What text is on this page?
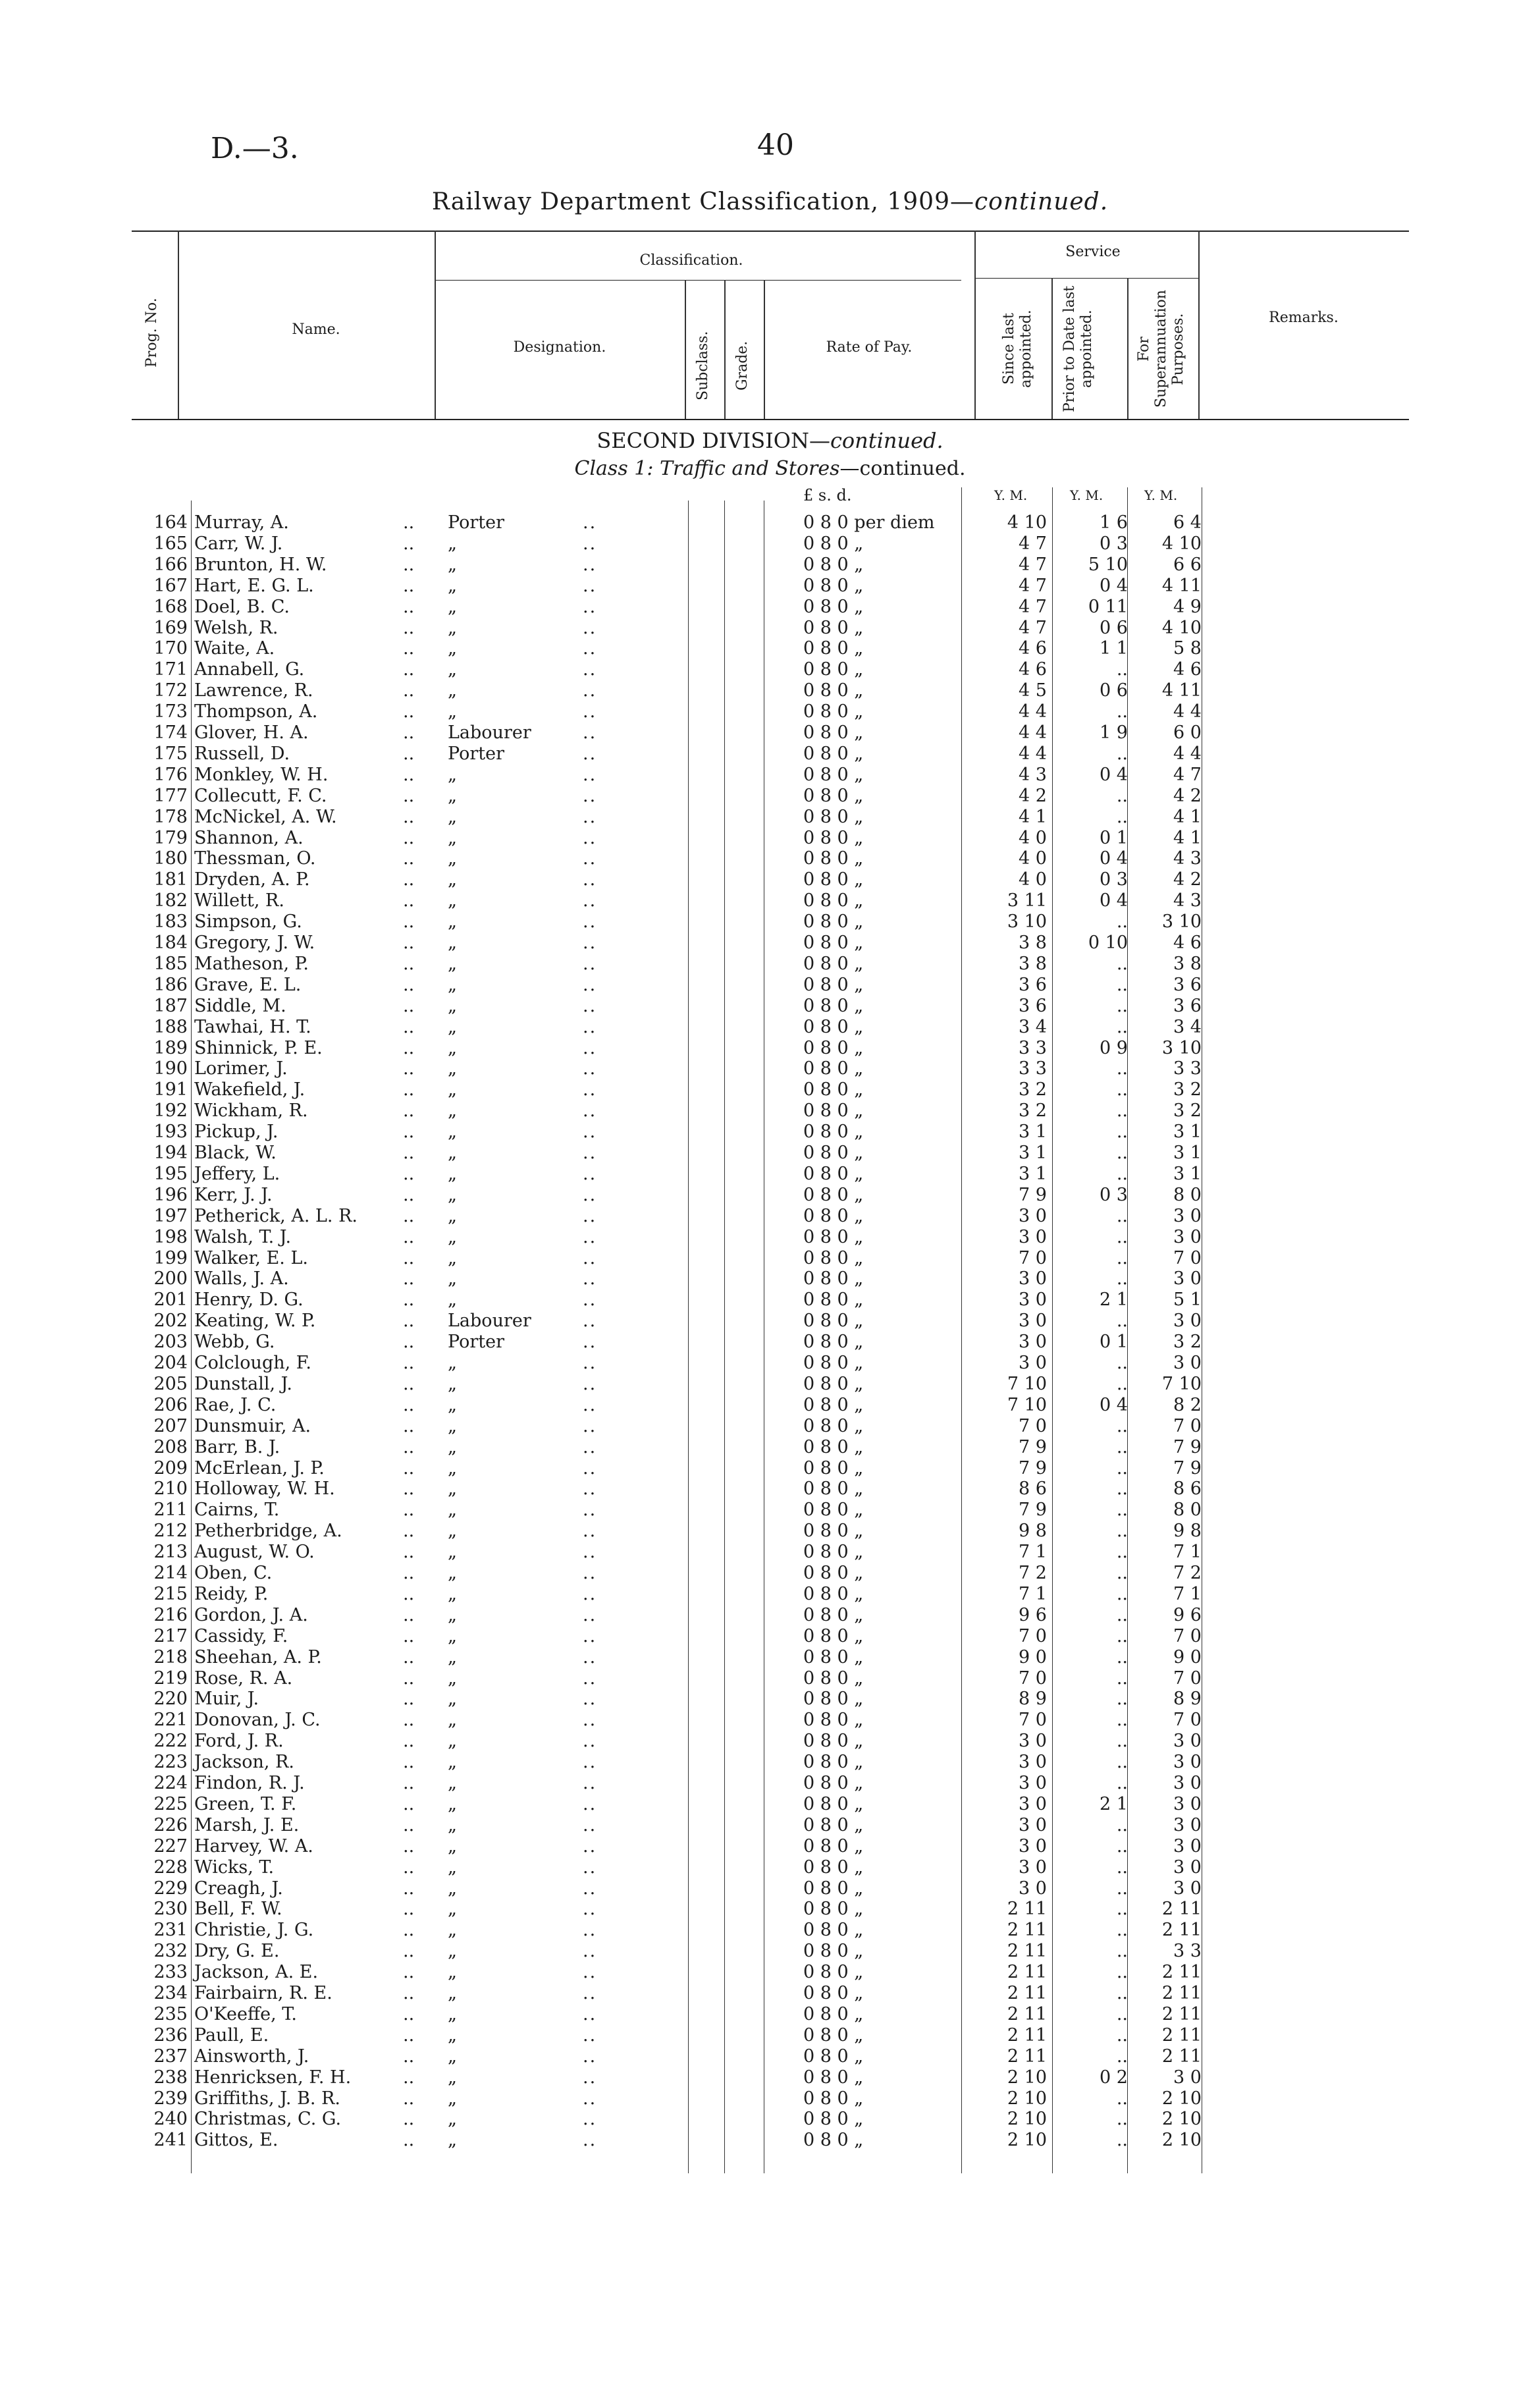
D.—3.	40
Railway Department Classification, 1909—continued.
Prog. No.	Name.
Classification.
Designation.	Subclass. Grade.	Rate of Pay.
Service
Since last appointed.	Prior to Date last appointed.	For Superannuation Purposes.	Remarks.
SECOND DIVISION—continued.
Class 1: Traffic and Stores—continued.
£ s. d.	Y. M.	Y. M.	Y. M.
164 Murray, A.	.. Porter	..	0 8 0 per diem	4 10	1 6	6 4
165 Carr, W. J.	.. „	..	0 8 0 „	4 7	0 3	4 10
166 Brunton, H. W.	.. „	..	0 8 0 „	4 7	5 10	6 6
167 Hart, E. G. L.	.. „	..	0 8 0 „	4 7	0 4	4 11
168 Doel, B. C.	.. „	..	0 8 0 „	4 7	0 11	4 9
169 Welsh, R.	.. „	..	0 8 0 „	4 7	0 6	4 10
170 Waite, A.	.. „	..	0 8 0 „	4 6	1 1	5 8
171 Annabell, G.	.. „	..	0 8 0 „	4 6	..	4 6
172 Lawrence, R.	.. „	..	0 8 0 „	4 5	0 6	4 11
173 Thompson, A.	.. „	..	0 8 0 „	4 4	..	4 4
174 Glover, H. A.	.. Labourer	..	0 8 0 „	4 4	1 9	6 0
175 Russell, D.	.. Porter	..	0 8 0 „	4 4	..	4 4
176 Monkley, W. H.	.. „	..	0 8 0 „	4 3	0 4	4 7
177 Collecutt, F. C.	.. „	..	0 8 0 „	4 2	..	4 2
178 McNickel, A. W.	.. „	..	0 8 0 „	4 1	..	4 1
179 Shannon, A.	.. „	..	0 8 0 „	4 0	0 1	4 1
180 Thessman, O.	.. „	..	0 8 0 „	4 0	0 4	4 3
181 Dryden, A. P.	.. „	..	0 8 0 „	4 0	0 3	4 2
182 Willett, R.	.. „	..	0 8 0 „	3 11	0 4	4 3
183 Simpson, G.	.. „	..	0 8 0 „	3 10	..	3 10
184 Gregory, J. W.	.. „	..	0 8 0 „	3 8	0 10	4 6
185 Matheson, P.	.. „	..	0 8 0 „	3 8	..	3 8
186 Grave, E. L.	.. „	..	0 8 0 „	3 6	..	3 6
187 Siddle, M.	.. „	..	0 8 0 „	3 6	..	3 6
188 Tawhai, H. T.	.. „	..	0 8 0 „	3 4	..	3 4
189 Shinnick, P. E.	.. „	..	0 8 0 „	3 3	0 9	3 10
190 Lorimer, J.	.. „	..	0 8 0 „	3 3	..	3 3
191 Wakefield, J.	.. „	..	0 8 0 „	3 2	..	3 2
192 Wickham, R.	.. „	..	0 8 0 „	3 2	..	3 2
193 Pickup, J.	.. „	..	0 8 0 „	3 1	..	3 1
194 Black, W.	.. „	..	0 8 0 „	3 1	..	3 1
195 Jeffery, L.	.. „	..	0 8 0 „	3 1	..	3 1
196 Kerr, J. J.	.. „	..	0 8 0 „	7 9	0 3	8 0
197 Petherick, A. L. R.	.. „	..	0 8 0 „	3 0	..	3 0
198 Walsh, T. J.	.. „	..	0 8 0 „	3 0	..	3 0
199 Walker, E. L.	.. „	..	0 8 0 „	7 0	..	7 0
200 Walls, J. A.	.. „	..	0 8 0 „	3 0	..	3 0
201 Henry, D. G.	.. „	..	0 8 0 „	3 0	2 1	5 1
202 Keating, W. P.	.. Labourer	..	0 8 0 „	3 0	..	3 0
203 Webb, G.	.. Porter	..	0 8 0 „	3 0	0 1	3 2
204 Colclough, F.	.. „	..	0 8 0 „	3 0	..	3 0
205 Dunstall, J.	.. „	..	0 8 0 „	7 10	..	7 10
206 Rae, J. C.	.. „	..	0 8 0 „	7 10	0 4	8 2
207 Dunsmuir, A.	.. „	..	0 8 0 „	7 0	..	7 0
208 Barr, B. J.	.. „	..	0 8 0 „	7 9	..	7 9
209 McErlean, J. P.	.. „	..	0 8 0 „	7 9	..	7 9
210 Holloway, W. H.	.. „	..	0 8 0 „	8 6	..	8 6
211 Cairns, T.	.. „	..	0 8 0 „	7 9	..	8 0
212 Petherbridge, A.	.. „	..	0 8 0 „	9 8	..	9 8
213 August, W. O.	.. „	..	0 8 0 „	7 1	..	7 1
214 Oben, C.	.. „	..	0 8 0 „	7 2	..	7 2
215 Reidy, P.	.. „	..	0 8 0 „	7 1	..	7 1
216 Gordon, J. A.	.. „	..	0 8 0 „	9 6	..	9 6
217 Cassidy, F.	.. „	..	0 8 0 „	7 0	..	7 0
218 Sheehan, A. P.	.. „	..	0 8 0 „	9 0	..	9 0
219 Rose, R. A.	.. „	..	0 8 0 „	7 0	..	7 0
220 Muir, J.	.. „	..	0 8 0 „	8 9	..	8 9
221 Donovan, J. C.	.. „	..	0 8 0 „	7 0	..	7 0
222 Ford, J. R.	.. „	..	0 8 0 „	3 0	..	3 0
223 Jackson, R.	.. „	..	0 8 0 „	3 0	..	3 0
224 Findon, R. J.	.. „	..	0 8 0 „	3 0	..	3 0
225 Green, T. F.	.. „	..	0 8 0 „	3 0	2 1	3 0
226 Marsh, J. E.	.. „	..	0 8 0 „	3 0	..	3 0
227 Harvey, W. A.	.. „	..	0 8 0 „	3 0	..	3 0
228 Wicks, T.	.. „	..	0 8 0 „	3 0	..	3 0
229 Creagh, J.	.. „	..	0 8 0 „	3 0	..	3 0
230 Bell, F. W.	.. „	..	0 8 0 „	2 11	..	2 11
231 Christie, J. G.	.. „	..	0 8 0 „	2 11	..	2 11
232 Dry, G. E.	.. „	..	0 8 0 „	2 11	..	3 3
233 Jackson, A. E.	.. „	..	0 8 0 „	2 11	..	2 11
234 Fairbairn, R. E.	.. „	..	0 8 0 „	2 11	..	2 11
235 O'Keeffe, T.	.. „	..	0 8 0 „	2 11	..	2 11
236 Paull, E.	.. „	..	0 8 0 „	2 11	..	2 11
237 Ainsworth, J.	.. „	..	0 8 0 „	2 11	..	2 11
238 Henricksen, F. H.	.. „	..	0 8 0 „	2 10	0 2	3 0
239 Griffiths, J. B. R.	.. „	..	0 8 0 „	2 10	..	2 10
240 Christmas, C. G.	.. „	..	0 8 0 „	2 10	..	2 10
241 Gittos, E.	.. „	..	0 8 0 „	2 10	..	2 10
